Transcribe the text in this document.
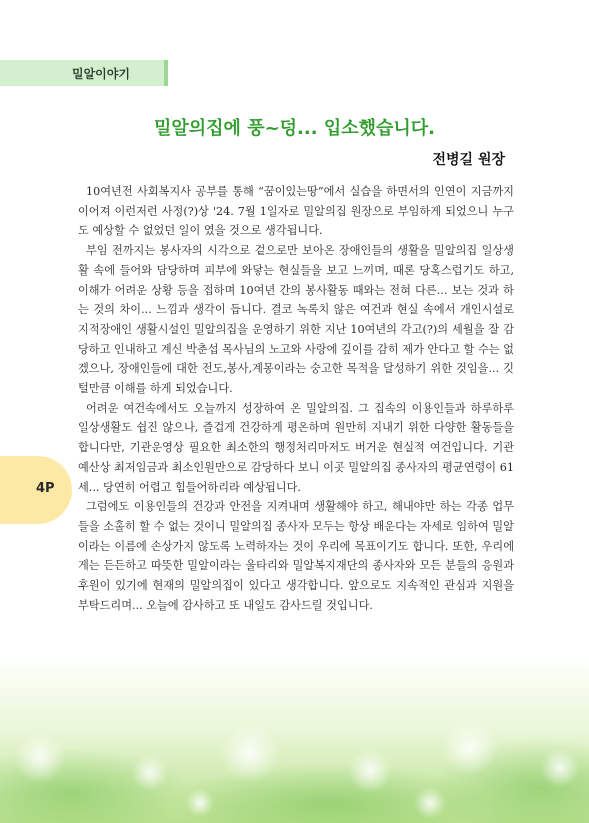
밀알이야기
4P
밀알의집에 풍~덩... 입소했습니다.
전병길 원장

10여년전 사회복지사 공부를 통해 “꿈이있는땅”에서 실습을 하면서의 인연이 지금까지 이어져 이런저런 사정(?)상 '24. 7월 1일자로 밀알의집 원장으로 부임하게 되었으니 누구도 예상할 수 없었던 일이 였을 것으로 생각됩니다.

부임 전까지는 봉사자의 시각으로 겉으로만 보아온 장애인들의 생활을 밀알의집 일상생활 속에 들어와 담당하며 피부에 와닿는 현실들을 보고 느끼며, 때론 당혹스럽기도 하고, 이해가 어려운 상황 등을 접하며 10여년 간의 봉사활동 때와는 전혀 다른... 보는 것과 하는 것의 차이... 느낌과 생각이 듭니다. 결코 녹록치 않은 여건과 현실 속에서 개인시설로 지적장애인 생활시설인 밀알의집을 운영하기 위한 지난 10여년의 각고(?)의 세월을 잘 감당하고 인내하고 계신 박춘섭 목사님의 노고와 사랑에 깊이를 감히 제가 안다고 할 수는 없겠으나, 장애인들에 대한 전도,봉사,계몽이라는 숭고한 목적을 달성하기 위한 것임을... 깃털만큼 이해를 하게 되었습니다.

어려운 여건속에서도 오늘까지 성장하여 온 밀알의집. 그 집속의 이용인들과 하루하루 일상생활도 쉽진 않으나, 즐겁게 건강하게 평온하며 원만히 지내기 위한 다양한 활동들을 합니다만, 기관운영상 필요한 최소한의 행정처리마저도 버거운 현실적 여건입니다. 기관 예산상 최저임금과 최소인원만으로 감당하다 보니 이곳 밀알의집 종사자의 평균연령이 61세... 당연히 어렵고 힘들어하리라 예상됩니다.

그럼에도 이용인들의 건강과 안전을 지켜내며 생활해야 하고, 해내야만 하는 각종 업무들을 소홀히 할 수 없는 것이니 밀알의집 종사자 모두는 항상 배운다는 자세로 임하여 밀알이라는 이름에 손상가지 않도록 노력하자는 것이 우리에 목표이기도 합니다. 또한, 우리에게는 든든하고 따뜻한 밀알이라는 울타리와 밀알복지재단의 종사자와 모든 분들의 응원과 후원이 있기에 현재의 밀알의집이 있다고 생각합니다. 앞으로도 지속적인 관심과 지원을 부탁드리며... 오늘에 감사하고 또 내일도 감사드릴 것입니다.
